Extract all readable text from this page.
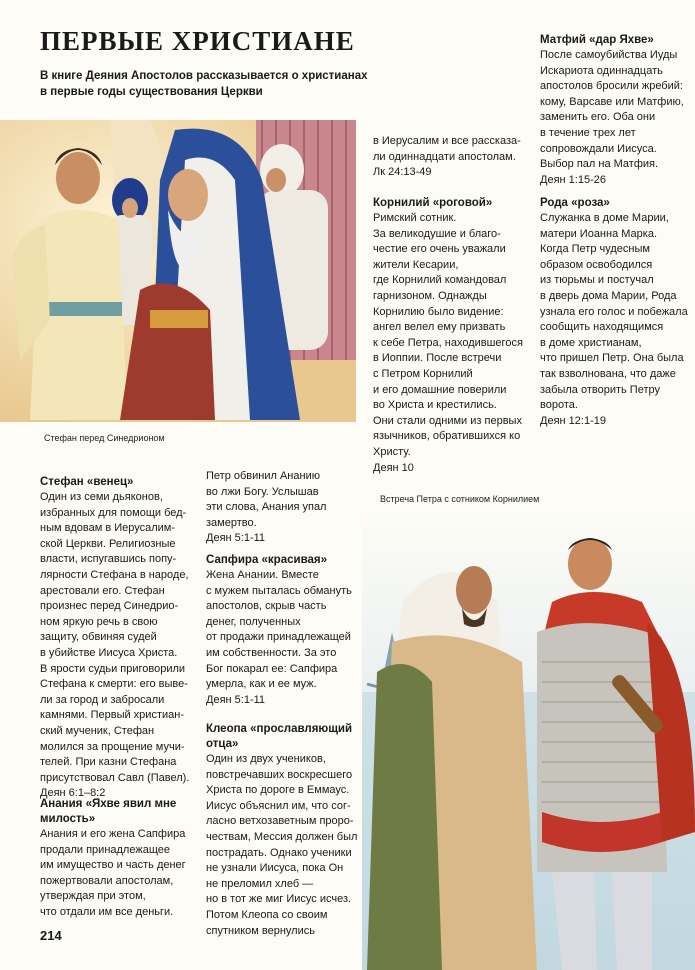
ПЕРВЫЕ ХРИСТИАНЕ
В книге Деяния Апостолов рассказывается о христианах в первые годы существования Церкви
Стефан перед Синедрионом
в Иерусалим и все рассказа-
ли одиннадцати апостолам.
Лк 24:13-49
Матфий «дар Яхве»
После самоубийства Иуды
Искариота одиннадцать
апостолов бросили жребий:
кому, Варсаве или Матфию,
заменить его. Оба они
в течение трех лет
сопровождали Иисуса.
Выбор пал на Матфия.
Деян 1:15-26
Корнилий «роговой»
Римский сотник.
За великодушие и благо-
честие его очень уважали
жители Кесарии,
где Корнилий командовал
гарнизоном. Однажды
Корнилию было видение:
ангел велел ему призвать
к себе Петра, находившегося
в Иоппии. После встречи
с Петром Корнилий
и его домашние поверили
во Христа и крестились.
Они стали одними из первых
язычников, обратившихся ко
Христу.
Деян 10
Рода «роза»
Служанка в доме Марии,
матери Иоанна Марка.
Когда Петр чудесным
образом освободился
из тюрьмы и постучал
в дверь дома Марии, Рода
узнала его голос и побежала
сообщить находящимся
в доме христианам,
что пришел Петр. Она была
так взволнована, что даже
забыла отворить Петру
ворота.
Деян 12:1-19
Стефан «венец»
Один из семи дьяконов,
избранных для помощи бед-
ным вдовам в Иерусалим-
ской Церкви. Религиозные
власти, испугавшись попу-
лярности Стефана в народе,
арестовали его. Стефан
произнес перед Синедрио-
ном яркую речь в свою
защиту, обвиняя судей
в убийстве Иисуса Христа.
В ярости судьи приговорили
Стефана к смерти: его выве-
ли за город и забросали
камнями. Первый христиан-
ский мученик, Стефан
молился за прощение мучи-
телей. При казни Стефана
присутствовал Савл (Павел).
Деян 6:1–8:2
Анания «Яхве явил мне
милость»
Анания и его жена Сапфира
продали принадлежащее
им имущество и часть денег
пожертвовали апостолам,
утверждая при этом,
что отдали им все деньги.
Петр обвинил Ананию
во лжи Богу. Услышав
эти слова, Анания упал
замертво.
Деян 5:1-11
Сапфира «красивая»
Жена Анании. Вместе
с мужем пыталась обмануть
апостолов, скрыв часть
денег, полученных
от продажи принадлежащей
им собственности. За это
Бог покарал ее: Сапфира
умерла, как и ее муж.
Деян 5:1-11
Клеопа «прославляющий
отца»
Один из двух учеников,
повстречавших воскресшего
Христа по дороге в Еммаус.
Иисус объяснил им, что сог-
ласно ветхозаветным проро-
чествам, Мессия должен был
пострадать. Однако ученики
не узнали Иисуса, пока Он
не преломил хлеб —
но в тот же миг Иисус исчез.
Потом Клеопа со своим
спутником вернулись
Встреча Петра с сотником Корнилием
214
